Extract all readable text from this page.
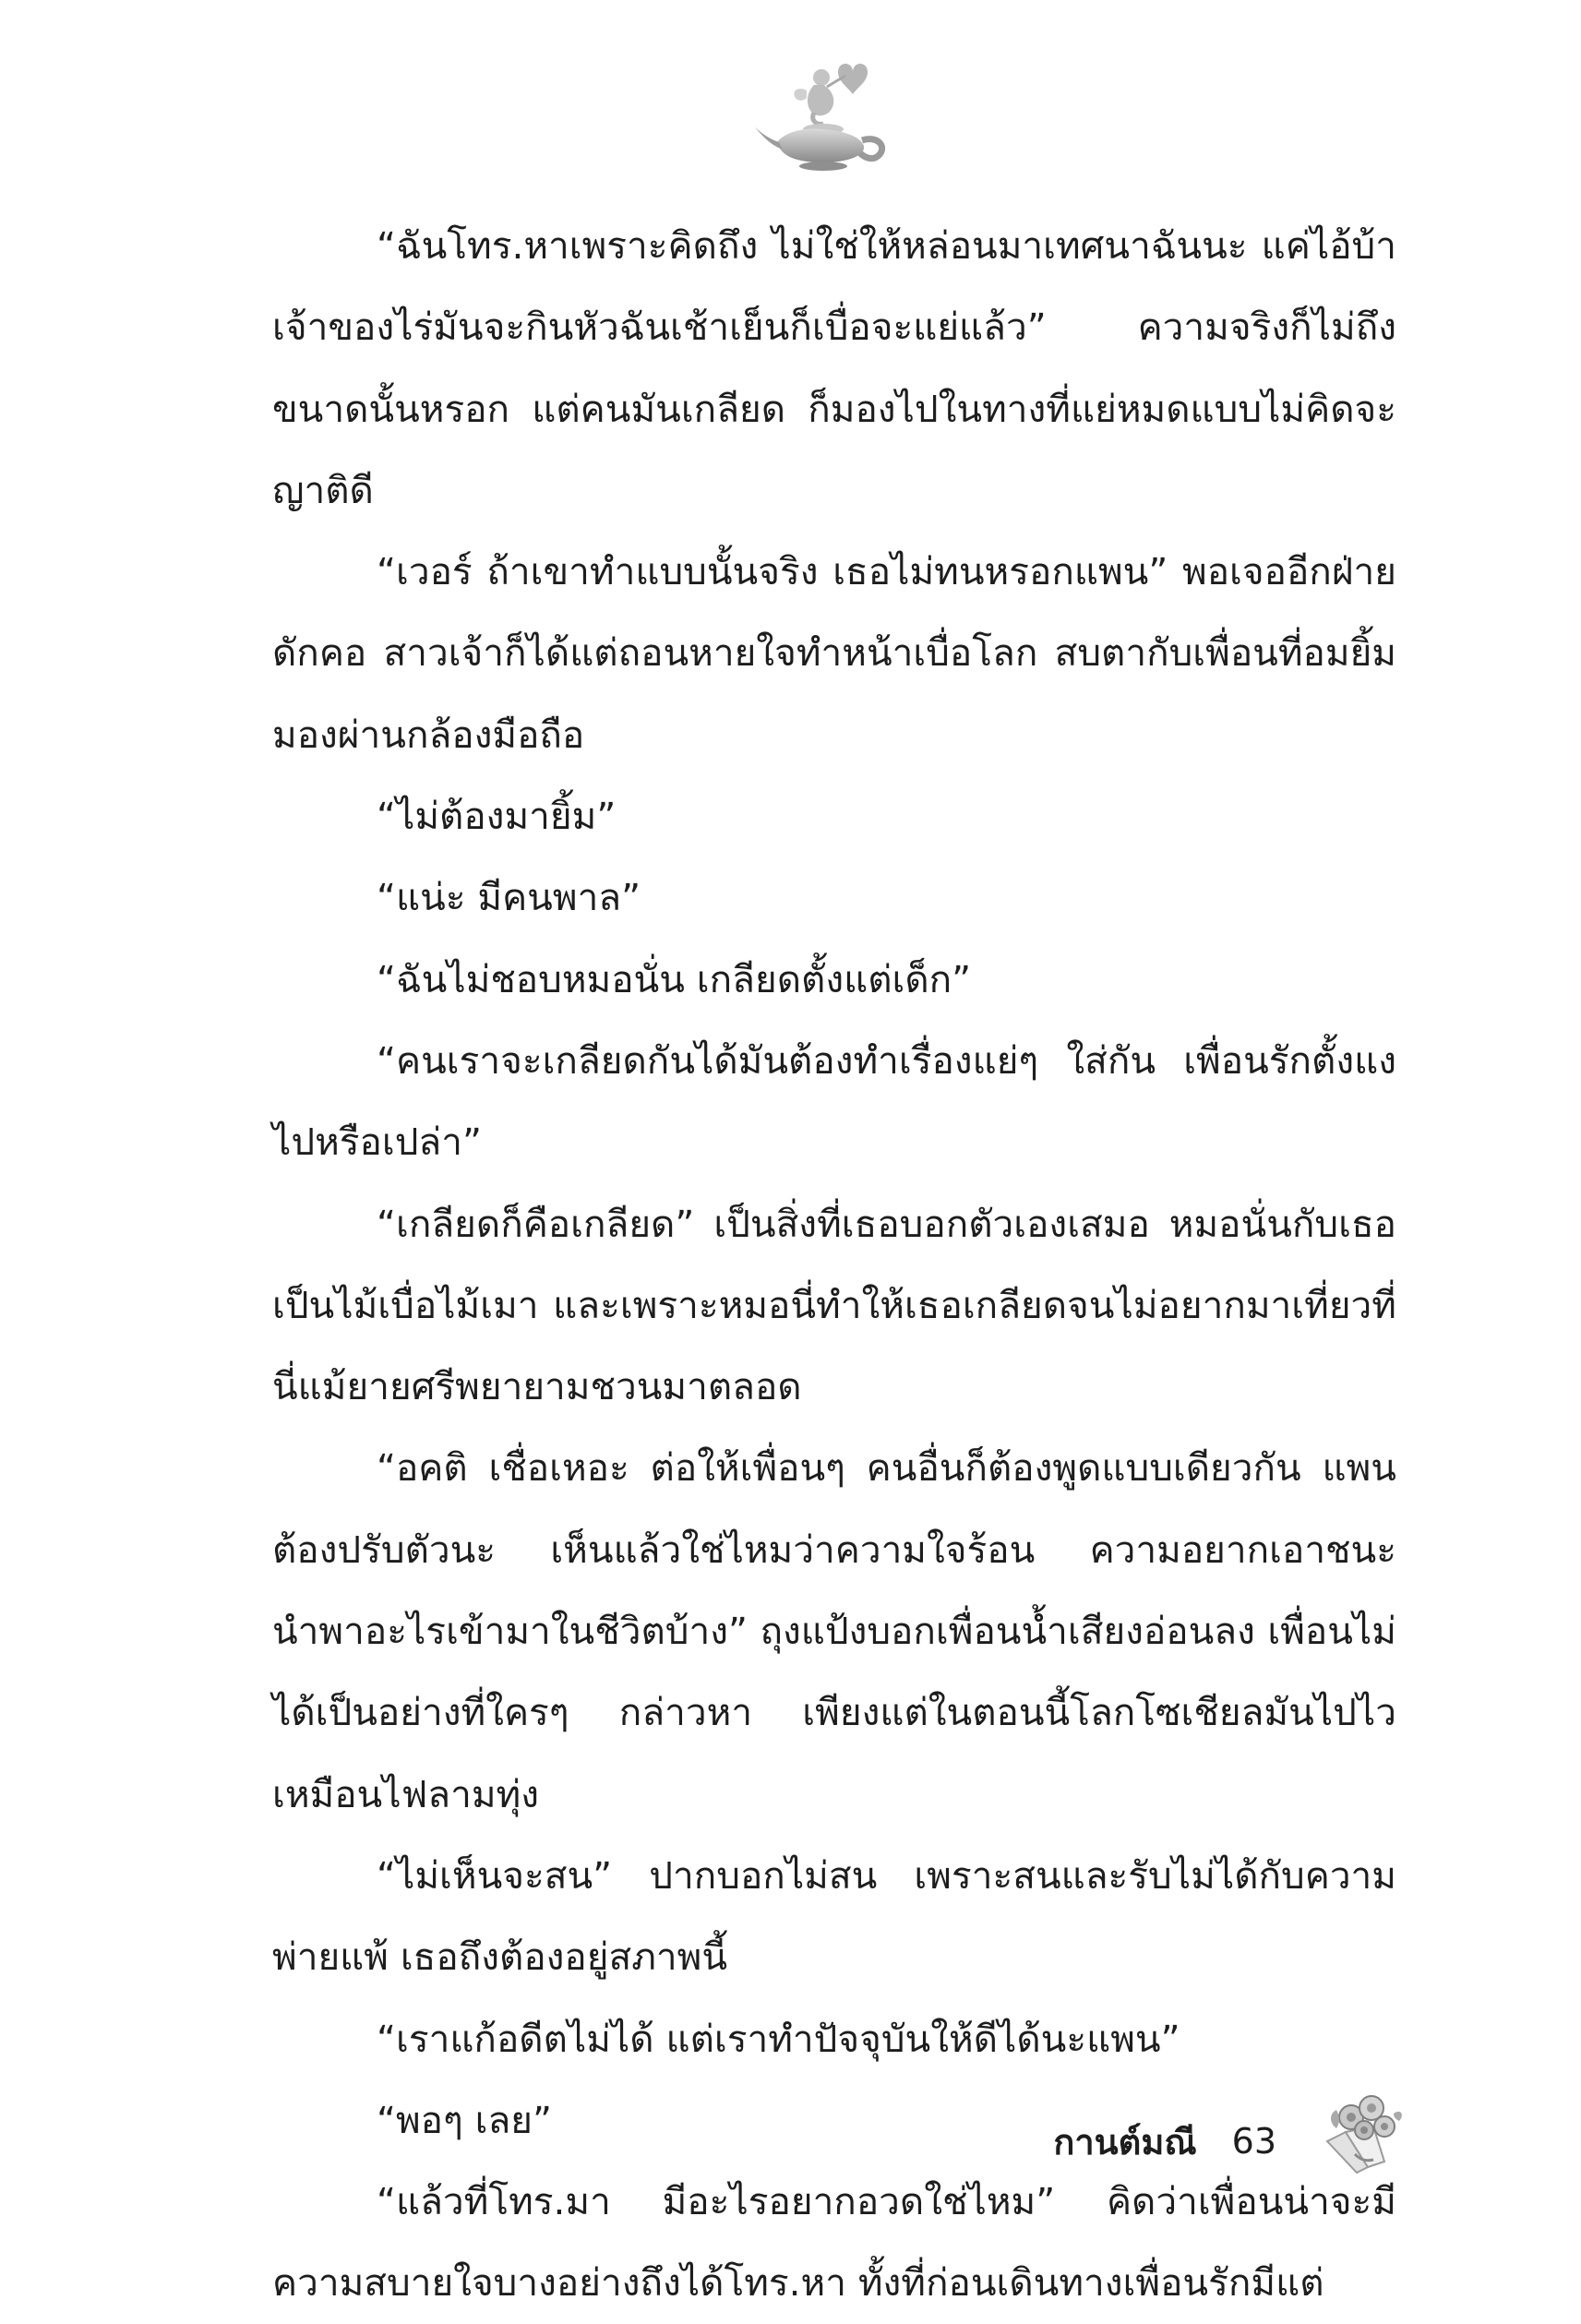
“ฉันโทร.หาเพราะคิดถึง ไม่ใช่ให้หล่อนมาเทศนาฉันนะ แค่ไอ้บ้าเจ้าของไร่มันจะกินหัวฉันเช้าเย็นก็เบื่อจะแย่แล้ว” ความจริงก็ไม่ถึงขนาดนั้นหรอก แต่คนมันเกลียด ก็มองไปในทางที่แย่หมดแบบไม่คิดจะญาติดี

“เวอร์ ถ้าเขาทำแบบนั้นจริง เธอไม่ทนหรอกแพน” พอเจออีกฝ่ายดักคอ สาวเจ้าก็ได้แต่ถอนหายใจทำหน้าเบื่อโลก สบตากับเพื่อนที่อมยิ้มมองผ่านกล้องมือถือ

“ไม่ต้องมายิ้ม”

“แน่ะ มีคนพาล”

“ฉันไม่ชอบหมอนั่น เกลียดตั้งแต่เด็ก”

“คนเราจะเกลียดกันได้มันต้องทำเรื่องแย่ๆ ใส่กัน เพื่อนรักตั้งแงไปหรือเปล่า”

“เกลียดก็คือเกลียด” เป็นสิ่งที่เธอบอกตัวเองเสมอ หมอนั่นกับเธอเป็นไม้เบื่อไม้เมา และเพราะหมอนี่ทำให้เธอเกลียดจนไม่อยากมาเที่ยวที่นี่แม้ยายศรีพยายามชวนมาตลอด

“อคติ เชื่อเหอะ ต่อให้เพื่อนๆ คนอื่นก็ต้องพูดแบบเดียวกัน แพนต้องปรับตัวนะ เห็นแล้วใช่ไหมว่าความใจร้อน ความอยากเอาชนะนำพาอะไรเข้ามาในชีวิตบ้าง” ถุงแป้งบอกเพื่อนน้ำเสียงอ่อนลง เพื่อนไม่ได้เป็นอย่างที่ใครๆ กล่าวหา เพียงแต่ในตอนนี้โลกโซเชียลมันไปไวเหมือนไฟลามทุ่ง

“ไม่เห็นจะสน” ปากบอกไม่สน เพราะสนและรับไม่ได้กับความพ่ายแพ้ เธอถึงต้องอยู่สภาพนี้

“เราแก้อดีตไม่ได้ แต่เราทำปัจจุบันให้ดีได้นะแพน”

“พอๆ เลย”

“แล้วที่โทร.มา มีอะไรอยากอวดใช่ไหม” คิดว่าเพื่อนน่าจะมีความสบายใจบางอย่างถึงได้โทร.หา ทั้งที่ก่อนเดินทางเพื่อนรักมีแต่

กานต์มณี 63
